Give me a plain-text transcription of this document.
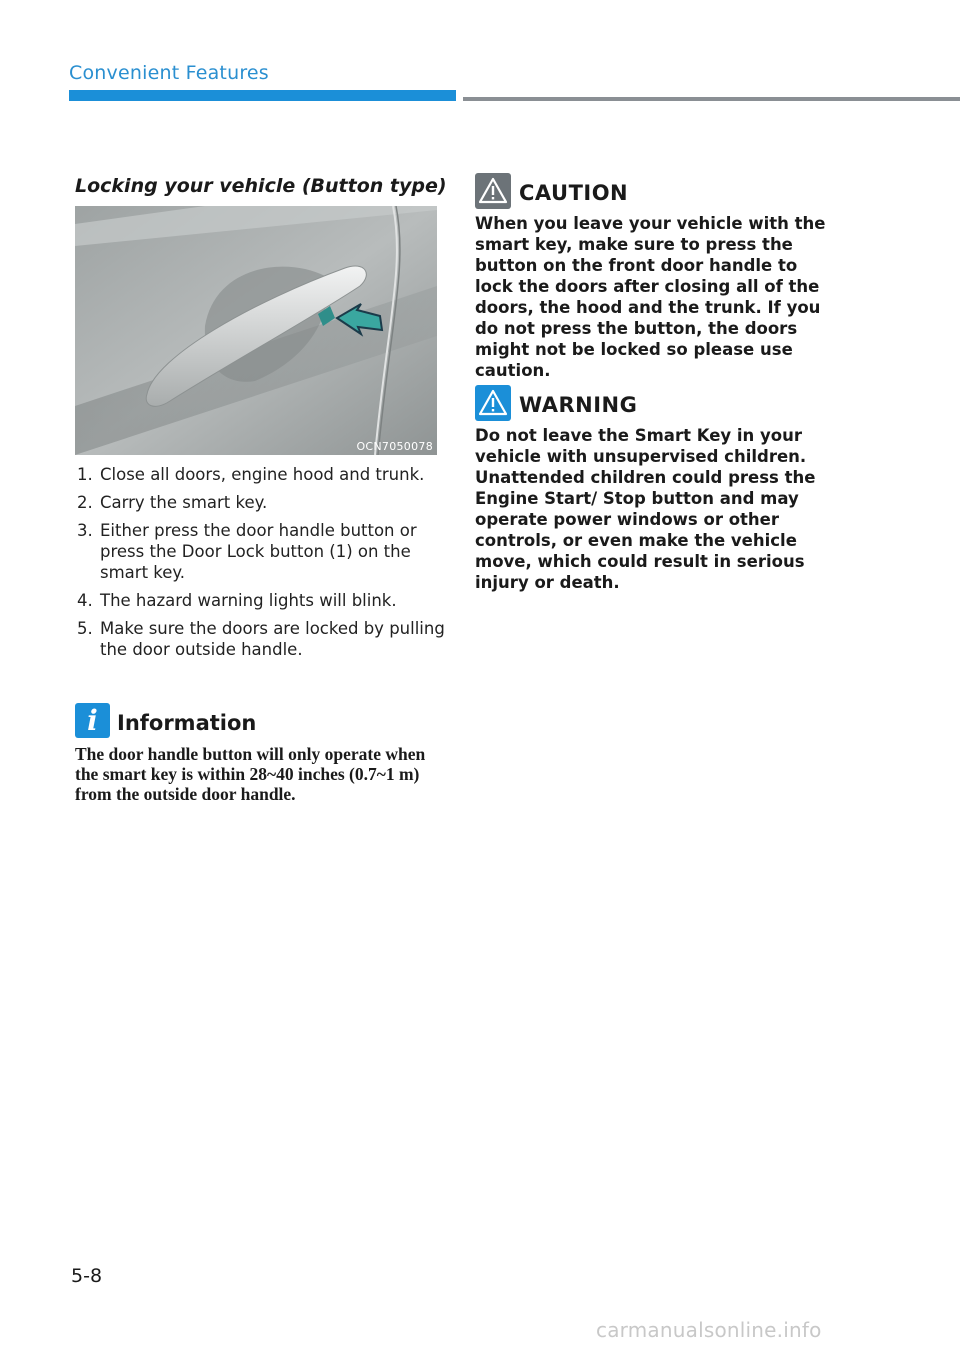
Convenient Features
Locking your vehicle (Button type)
OCN7050078
1. Close all doors, engine hood and trunk.
2. Carry the smart key.
3. Either press the door handle button or press the Door Lock button (1) on the smart key.
4. The hazard warning lights will blink.
5. Make sure the doors are locked by pulling the door outside handle.
i Information
The door handle button will only operate when the smart key is within 28~40 inches (0.7~1 m) from the outside door handle.
CAUTION
When you leave your vehicle with the smart key, make sure to press the button on the front door handle to lock the doors after closing all of the doors, the hood and the trunk. If you do not press the button, the doors might not be locked so please use caution.
WARNING
Do not leave the Smart Key in your vehicle with unsupervised children. Unattended children could press the Engine Start/ Stop button and may operate power windows or other controls, or even make the vehicle move, which could result in serious injury or death.
5-8
carmanualsonline.info
